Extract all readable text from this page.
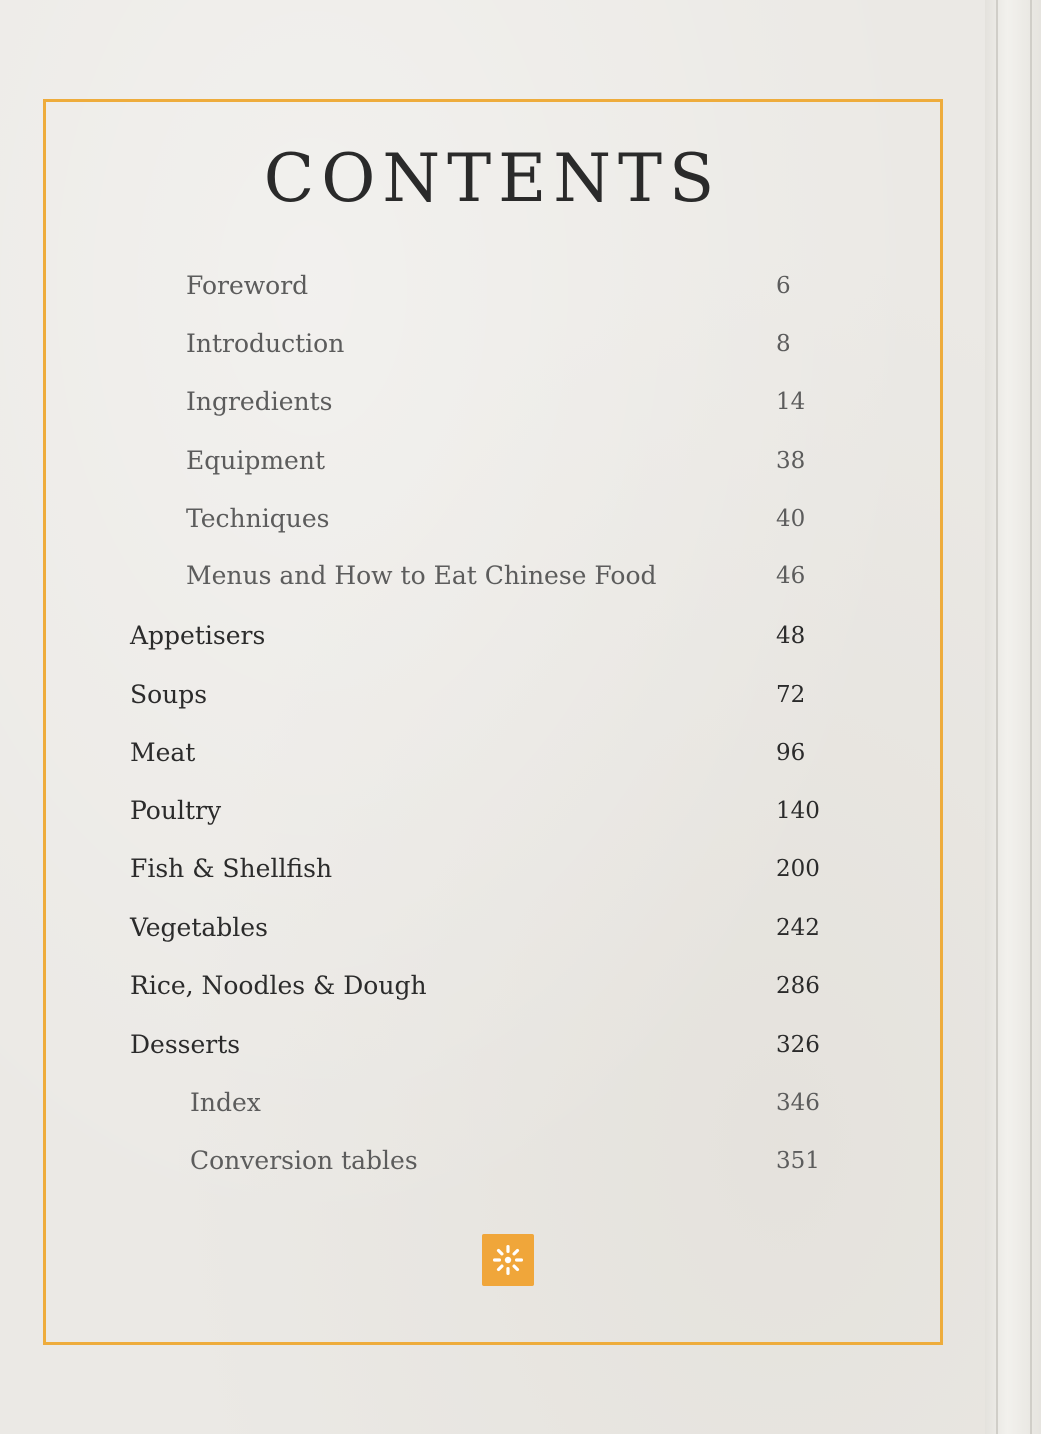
CONTENTS
Foreword	6
Introduction	8
Ingredients	14
Equipment	38
Techniques	40
Menus and How to Eat Chinese Food	46
Appetisers	48
Soups	72
Meat	96
Poultry	140
Fish & Shellfish	200
Vegetables	242
Rice, Noodles & Dough	286
Desserts	326
Index	346
Conversion tables	351
